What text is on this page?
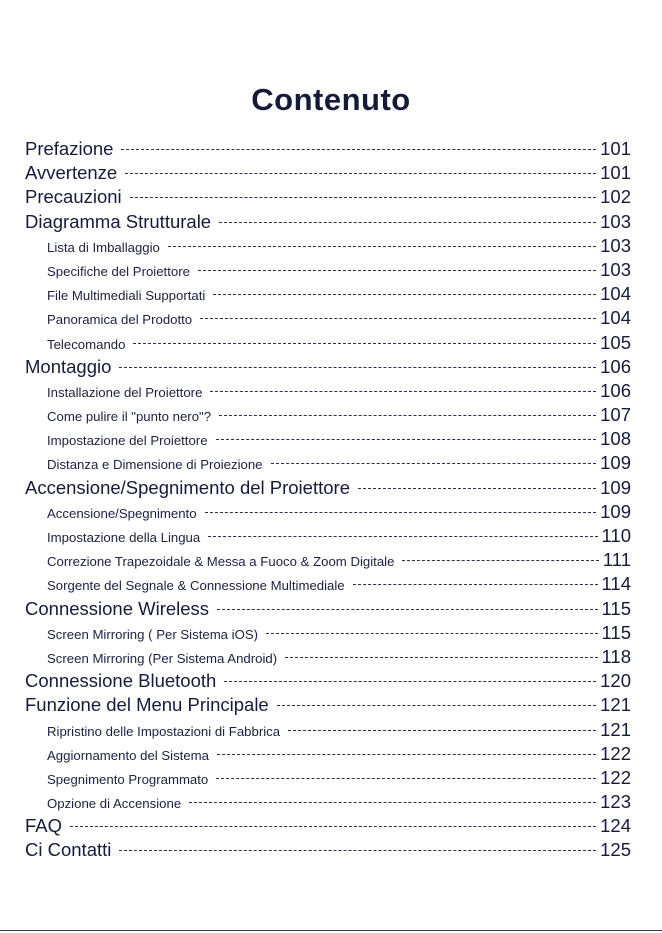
Contenuto
Prefazione	101
Avvertenze	101
Precauzioni	102
Diagramma Strutturale	103
Lista di Imballaggio	103
Specifiche del Proiettore	103
File Multimediali Supportati	104
Panoramica del Prodotto	104
Telecomando	105
Montaggio	106
Installazione del Proiettore	106
Come pulire il "punto nero"?	107
Impostazione del Proiettore	108
Distanza e Dimensione di Proiezione	109
Accensione/Spegnimento del Proiettore	109
Accensione/Spegnimento	109
Impostazione della Lingua	110
Correzione Trapezoidale & Messa a Fuoco & Zoom Digitale	111
Sorgente del Segnale & Connessione Multimediale	114
Connessione Wireless	115
Screen Mirroring ( Per Sistema iOS)	115
Screen Mirroring (Per Sistema Android)	118
Connessione Bluetooth	120
Funzione del Menu Principale	121
Ripristino delle Impostazioni di Fabbrica	121
Aggiornamento del Sistema	122
Spegnimento Programmato	122
Opzione di Accensione	123
FAQ	124
Ci Contatti	125
